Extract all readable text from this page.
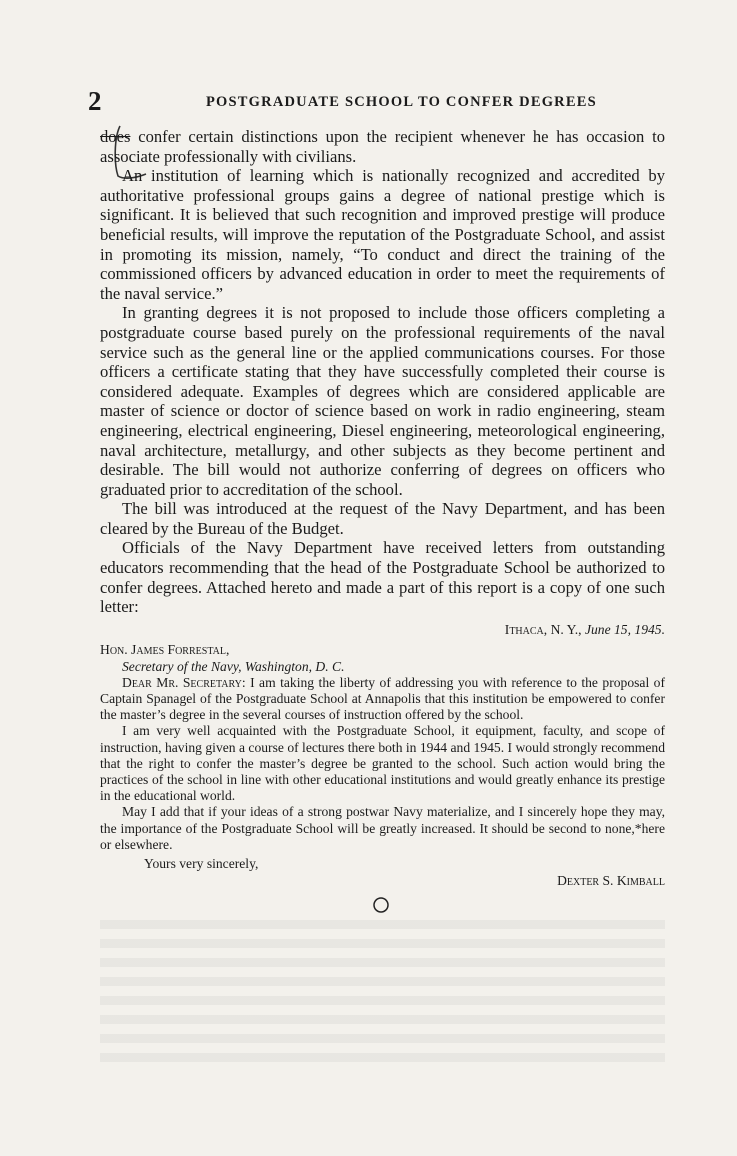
2	POSTGRADUATE SCHOOL TO CONFER DEGREES

does confer certain distinctions upon the recipient whenever he has occasion to associate professionally with civilians.

An institution of learning which is nationally recognized and accredited by authoritative professional groups gains a degree of national prestige which is significant. It is believed that such recognition and improved prestige will produce beneficial results, will improve the reputation of the Postgraduate School, and assist in promoting its mission, namely, “To conduct and direct the training of the commissioned officers by advanced education in order to meet the requirements of the naval service.”

In granting degrees it is not proposed to include those officers completing a postgraduate course based purely on the professional requirements of the naval service such as the general line or the applied communications courses. For those officers a certificate stating that they have successfully completed their course is considered adequate. Examples of degrees which are considered applicable are master of science or doctor of science based on work in radio engineering, steam engineering, electrical engineering, Diesel engineering, meteorological engineering, naval architecture, metallurgy, and other subjects as they become pertinent and desirable. The bill would not authorize conferring of degrees on officers who graduated prior to accreditation of the school.

The bill was introduced at the request of the Navy Department, and has been cleared by the Bureau of the Budget.

Officials of the Navy Department have received letters from outstanding educators recommending that the head of the Postgraduate School be authorized to confer degrees. Attached hereto and made a part of this report is a copy of one such letter:

Ithaca, N. Y., June 15, 1945.

Hon. James Forrestal,

Secretary of the Navy, Washington, D. C.

Dear Mr. Secretary: I am taking the liberty of addressing you with reference to the proposal of Captain Spanagel of the Postgraduate School at Annapolis that this institution be empowered to confer the master’s degree in the several courses of instruction offered by the school.

I am very well acquainted with the Postgraduate School, it equipment, faculty, and scope of instruction, having given a course of lectures there both in 1944 and 1945. I would strongly recommend that the right to confer the master’s degree be granted to the school. Such action would bring the practices of the school in line with other educational institutions and would greatly enhance its prestige in the educational world.

May I add that if your ideas of a strong postwar Navy materialize, and I sincerely hope they may, the importance of the Postgraduate School will be greatly increased. It should be second to none,*here or elsewhere.

Yours very sincerely,

Dexter S. Kimball
